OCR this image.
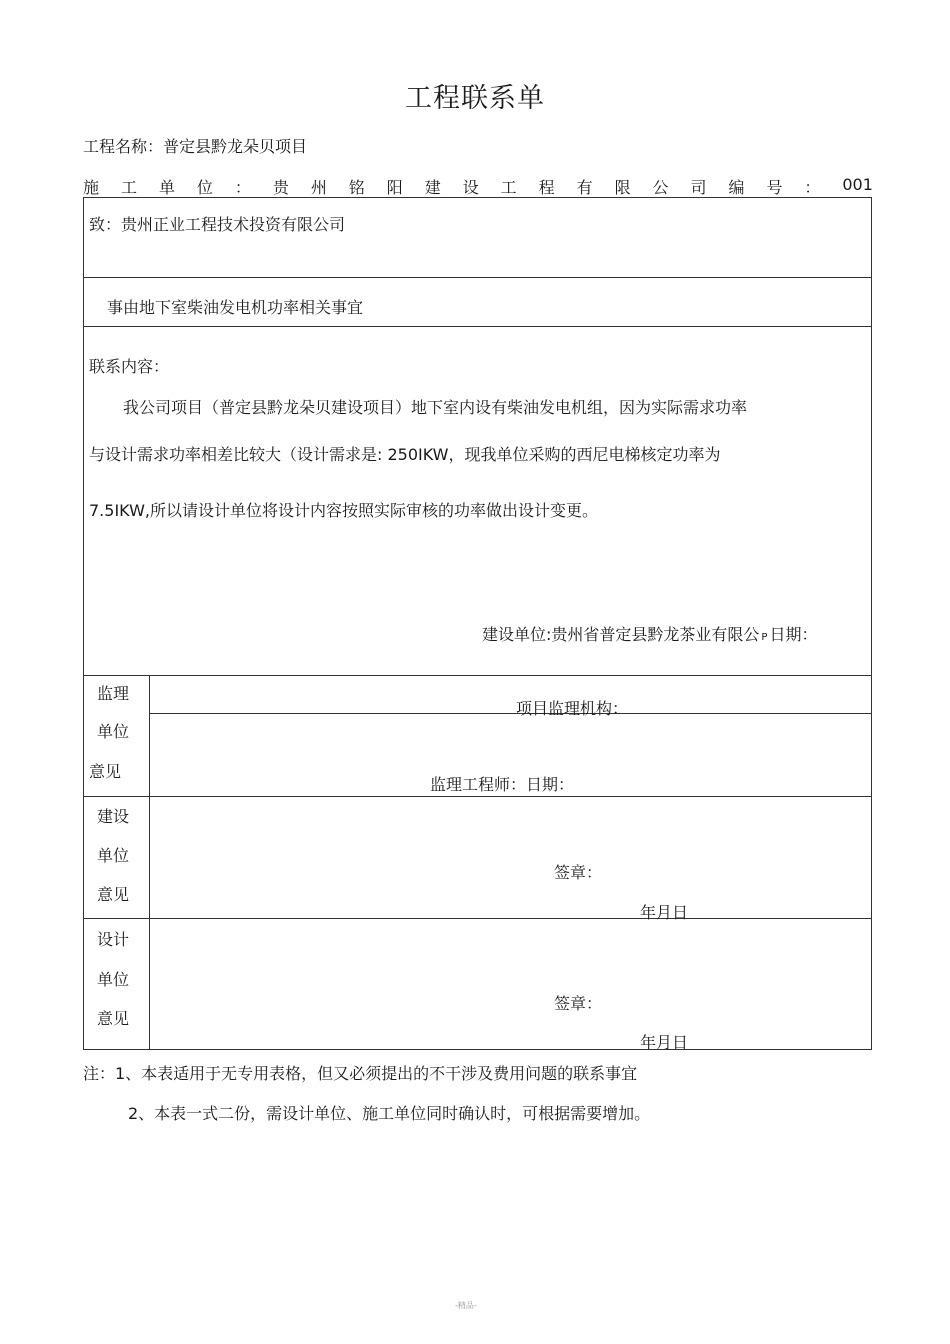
工程联系单
工程名称：普定县黔龙朵贝项目
施 工 单 位 ： 贵 州 铭 阳 建 设 工 程 有 限 公 司 编 号 ： 001
致：贵州正业工程技术投资有限公司
事由地下室柴油发电机功率相关事宜
联系内容：
我公司项目（普定县黔龙朵贝建设项目）地下室内设有柴油发电机组，因为实际需求功率
与设计需求功率相差比较大（设计需求是: 250IKW，现我单位采购的西尼电梯核定功率为
7.5IKW,所以请设计单位将设计内容按照实际审核的功率做出设计变更。
建设单位:贵州省普定县黔龙茶业有限公 P 日期：
监理
单位
意见
项目监理机构：
监理工程师：日期：
建设
单位
意见
签章：
年月日
设计
单位
意见
签章：
年月日
注：1、本表适用于无专用表格，但又必须提出的不干涉及费用问题的联系事宜
2、本表一式二份，需设计单位、施工单位同时确认时，可根据需要增加。
-精品-
